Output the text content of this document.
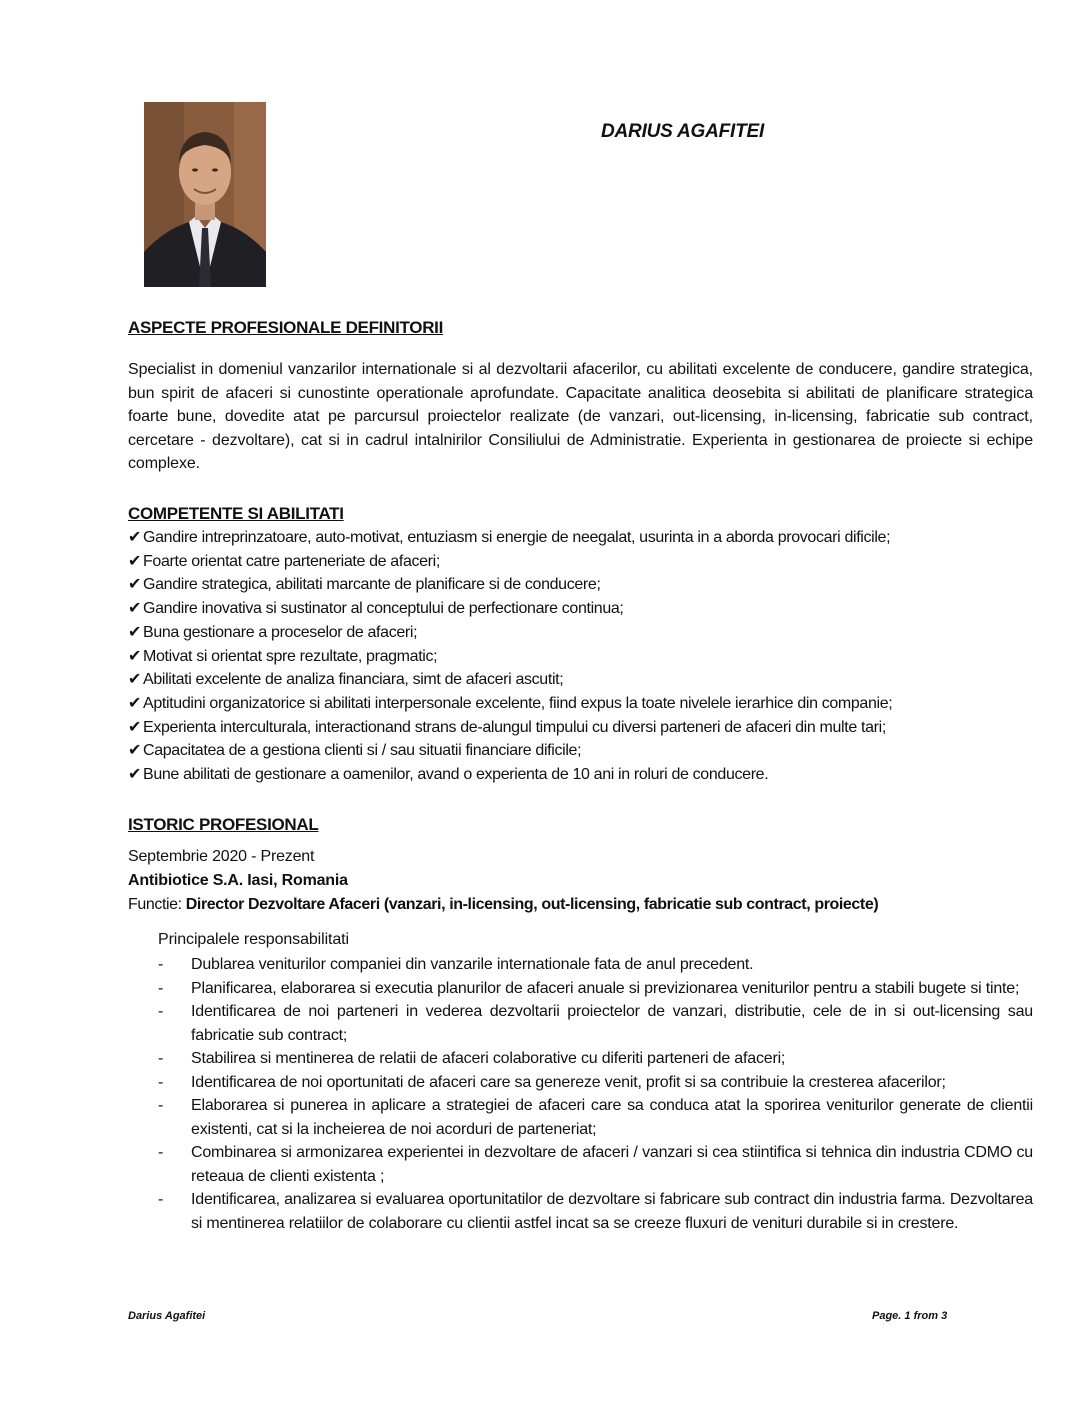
DARIUS AGAFITEI
ASPECTE PROFESIONALE DEFINITORII
Specialist in domeniul vanzarilor internationale si al dezvoltarii afacerilor, cu abilitati excelente de conducere, gandire strategica, bun spirit de afaceri si cunostinte operationale aprofundate. Capacitate analitica deosebita si abilitati de planificare strategica foarte bune, dovedite atat pe parcursul proiectelor realizate (de vanzari, out-licensing, in-licensing, fabricatie sub contract, cercetare - dezvoltare), cat si in cadrul intalnirilor Consiliului de Administratie. Experienta in gestionarea de proiecte si echipe complexe.
COMPETENTE SI ABILITATI
✔ Gandire intreprinzatoare, auto-motivat, entuziasm si energie de neegalat, usurinta in a aborda provocari dificile;
✔ Foarte orientat catre parteneriate de afaceri;
✔ Gandire strategica, abilitati marcante de planificare si de conducere;
✔ Gandire inovativa si sustinator al conceptului de perfectionare continua;
✔ Buna gestionare a proceselor de afaceri;
✔ Motivat si orientat spre rezultate, pragmatic;
✔ Abilitati excelente de analiza financiara, simt de afaceri ascutit;
✔ Aptitudini organizatorice si abilitati interpersonale excelente, fiind expus la toate nivelele ierarhice din companie;
✔ Experienta interculturala, interactionand strans de-alungul timpului cu diversi parteneri de afaceri din multe tari;
✔ Capacitatea de a gestiona clienti si / sau situatii financiare dificile;
✔ Bune abilitati de gestionare a oamenilor, avand o experienta de 10 ani in roluri de conducere.
ISTORIC PROFESIONAL
Septembrie 2020 - Prezent
Antibiotice S.A. Iasi, Romania
Functie: Director Dezvoltare Afaceri (vanzari, in-licensing, out-licensing, fabricatie sub contract, proiecte)
Principalele responsabilitati
-	Dublarea veniturilor companiei din vanzarile internationale fata de anul precedent.
-	Planificarea, elaborarea si executia planurilor de afaceri anuale si previzionarea veniturilor pentru a stabili bugete si tinte;
-	Identificarea de noi parteneri in vederea dezvoltarii proiectelor de vanzari, distributie, cele de in si out-licensing sau fabricatie sub contract;
-	Stabilirea si mentinerea de relatii de afaceri colaborative cu diferiti parteneri de afaceri;
-	Identificarea de noi oportunitati de afaceri care sa genereze venit, profit si sa contribuie la cresterea afacerilor;
-	Elaborarea si punerea in aplicare a strategiei de afaceri care sa conduca atat la sporirea veniturilor generate de clientii existenti, cat si la incheierea de noi acorduri de parteneriat;
-	Combinarea si armonizarea experientei in dezvoltare de afaceri / vanzari si cea stiintifica si tehnica din industria CDMO cu reteaua de clienti existenta ;
-	Identificarea, analizarea si evaluarea oportunitatilor de dezvoltare si fabricare sub contract din industria farma. Dezvoltarea si mentinerea relatiilor de colaborare cu clientii astfel incat sa se creeze fluxuri de venituri durabile si in crestere.
Darius Agafitei	Page. 1 from 3
